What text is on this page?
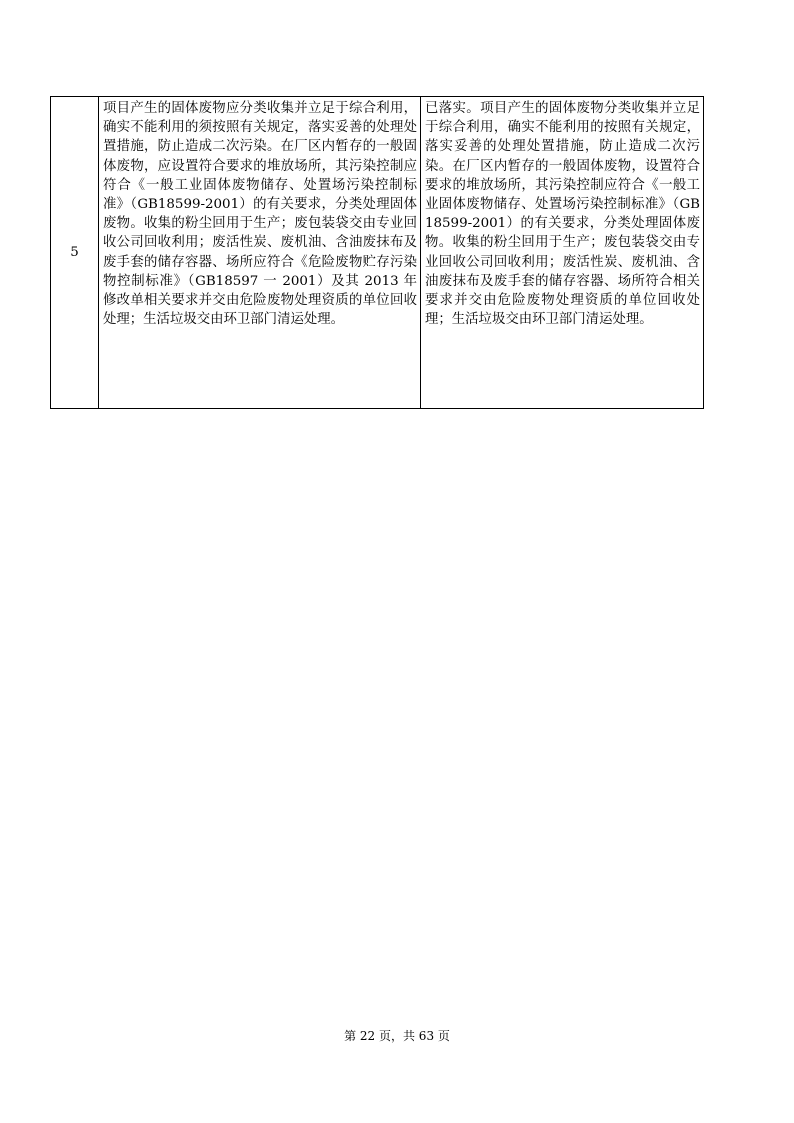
5	项目产生的固体废物应分类收集并立足于综合利用，确实不能利用的须按照有关规定，落实妥善的处理处置措施，防止造成二次污染。在厂区内暂存的一般固体废物，应设置符合要求的堆放场所，其污染控制应符合《一般工业固体废物储存、处置场污染控制标准》（GB18599-2001）的有关要求，分类处理固体废物。收集的粉尘回用于生产；废包装袋交由专业回收公司回收利用；废活性炭、废机油、含油废抹布及废手套的储存容器、场所应符合《危险废物贮存污染物控制标准》（GB18597 一 2001）及其 2013 年修改单相关要求并交由危险废物处理资质的单位回收处理；生活垃圾交由环卫部门清运处理。	已落实。项目产生的固体废物分类收集并立足于综合利用，确实不能利用的按照有关规定，落实妥善的处理处置措施，防止造成二次污染。在厂区内暂存的一般固体废物，设置符合要求的堆放场所，其污染控制应符合《一般工业固体废物储存、处置场污染控制标准》（GB18599-2001）的有关要求，分类处理固体废物。收集的粉尘回用于生产；废包装袋交由专业回收公司回收利用；废活性炭、废机油、含油废抹布及废手套的储存容器、场所符合相关要求并交由危险废物处理资质的单位回收处理；生活垃圾交由环卫部门清运处理。
第 22 页，共 63 页
